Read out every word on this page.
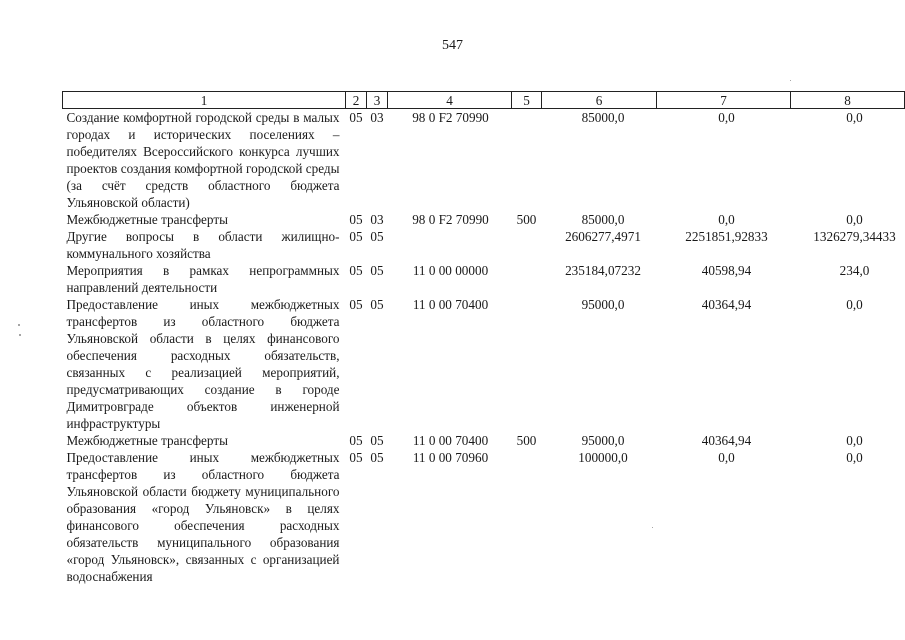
547
1	2	3	4	5	6	7	8
Создание комфортной городской среды в малых городах и исторических поселениях – победителях Всероссийского конкурса лучших проектов создания комфортной городской среды (за счёт средств областного бюджета Ульяновской области)	05	03	98 0 F2 70990		85000,0	0,0	0,0
Межбюджетные трансферты	05	03	98 0 F2 70990	500	85000,0	0,0	0,0
Другие вопросы в области жилищно-коммунального хозяйства	05	05			2606277,4971	2251851,92833	1326279,34433
Мероприятия в рамках непрограммных направлений деятельности	05	05	11 0 00 00000		235184,07232	40598,94	234,0
Предоставление иных межбюджетных трансфертов из областного бюджета Ульяновской области в целях финансового обеспечения расходных обязательств, связанных с реализацией мероприятий, предусматривающих создание в городе Димитровграде объектов инженерной инфраструктуры	05	05	11 0 00 70400		95000,0	40364,94	0,0
Межбюджетные трансферты	05	05	11 0 00 70400	500	95000,0	40364,94	0,0
Предоставление иных межбюджетных трансфертов из областного бюджета Ульяновской области бюджету муниципального образования «город Ульяновск» в целях финансового обеспечения расходных обязательств муниципального образования «город Ульяновск», связанных с организацией водоснабжения	05	05	11 0 00 70960		100000,0	0,0	0,0
